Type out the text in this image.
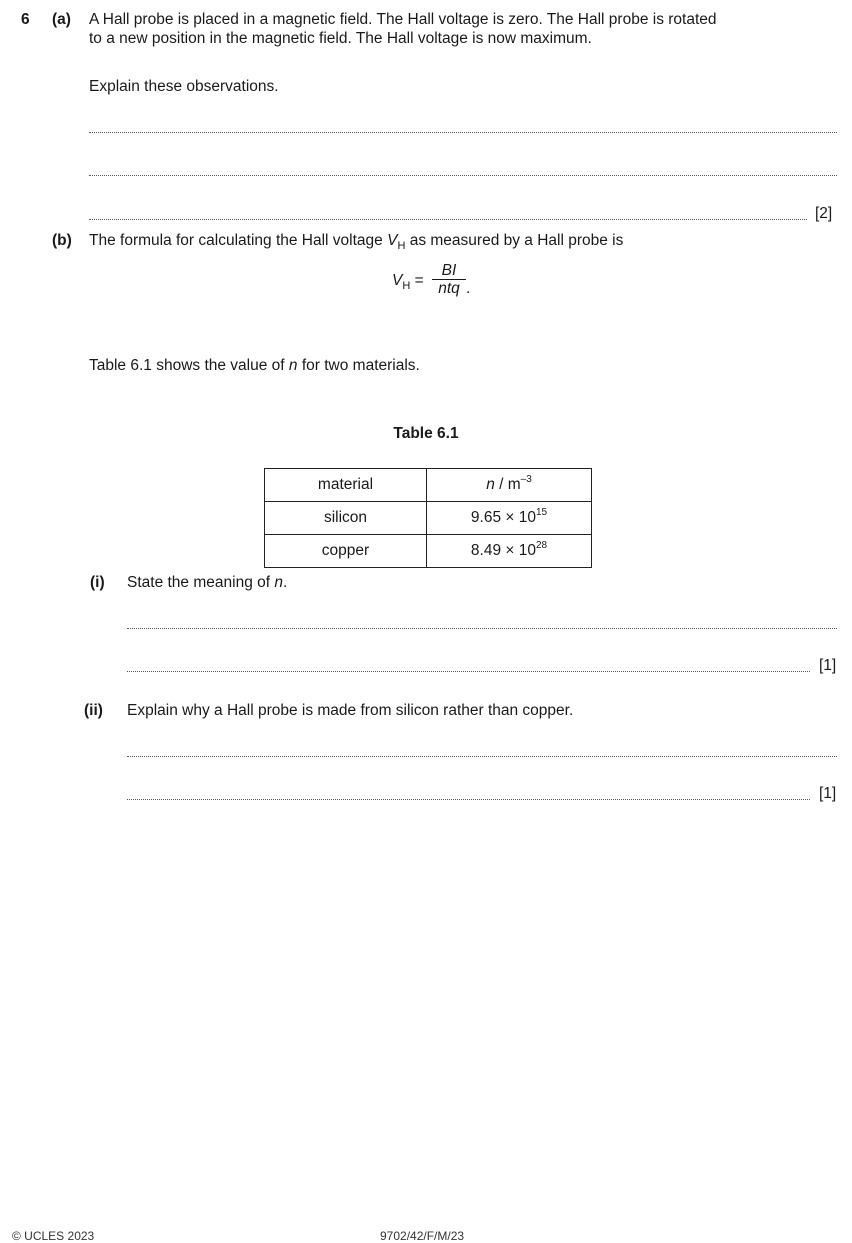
6 (a) A Hall probe is placed in a magnetic field. The Hall voltage is zero. The Hall probe is rotated
to a new position in the magnetic field. The Hall voltage is now maximum.
Explain these observations.
[2]
(b) The formula for calculating the Hall voltage $V_H$ as measured by a Hall probe is
$V_H$ =
BI
ntq .
Table 6.1 shows the value of n for two materials.
Table 6.1
material	n / $m^{-3}$
silicon	$9.65 \times 10^{15}$
copper	$8.49 \times 10^{28}$
(i) State the meaning of n.
[1]
(ii) Explain why a Hall probe is made from silicon rather than copper.
[1]
© UCLES 2023	9702/42/F/M/23
